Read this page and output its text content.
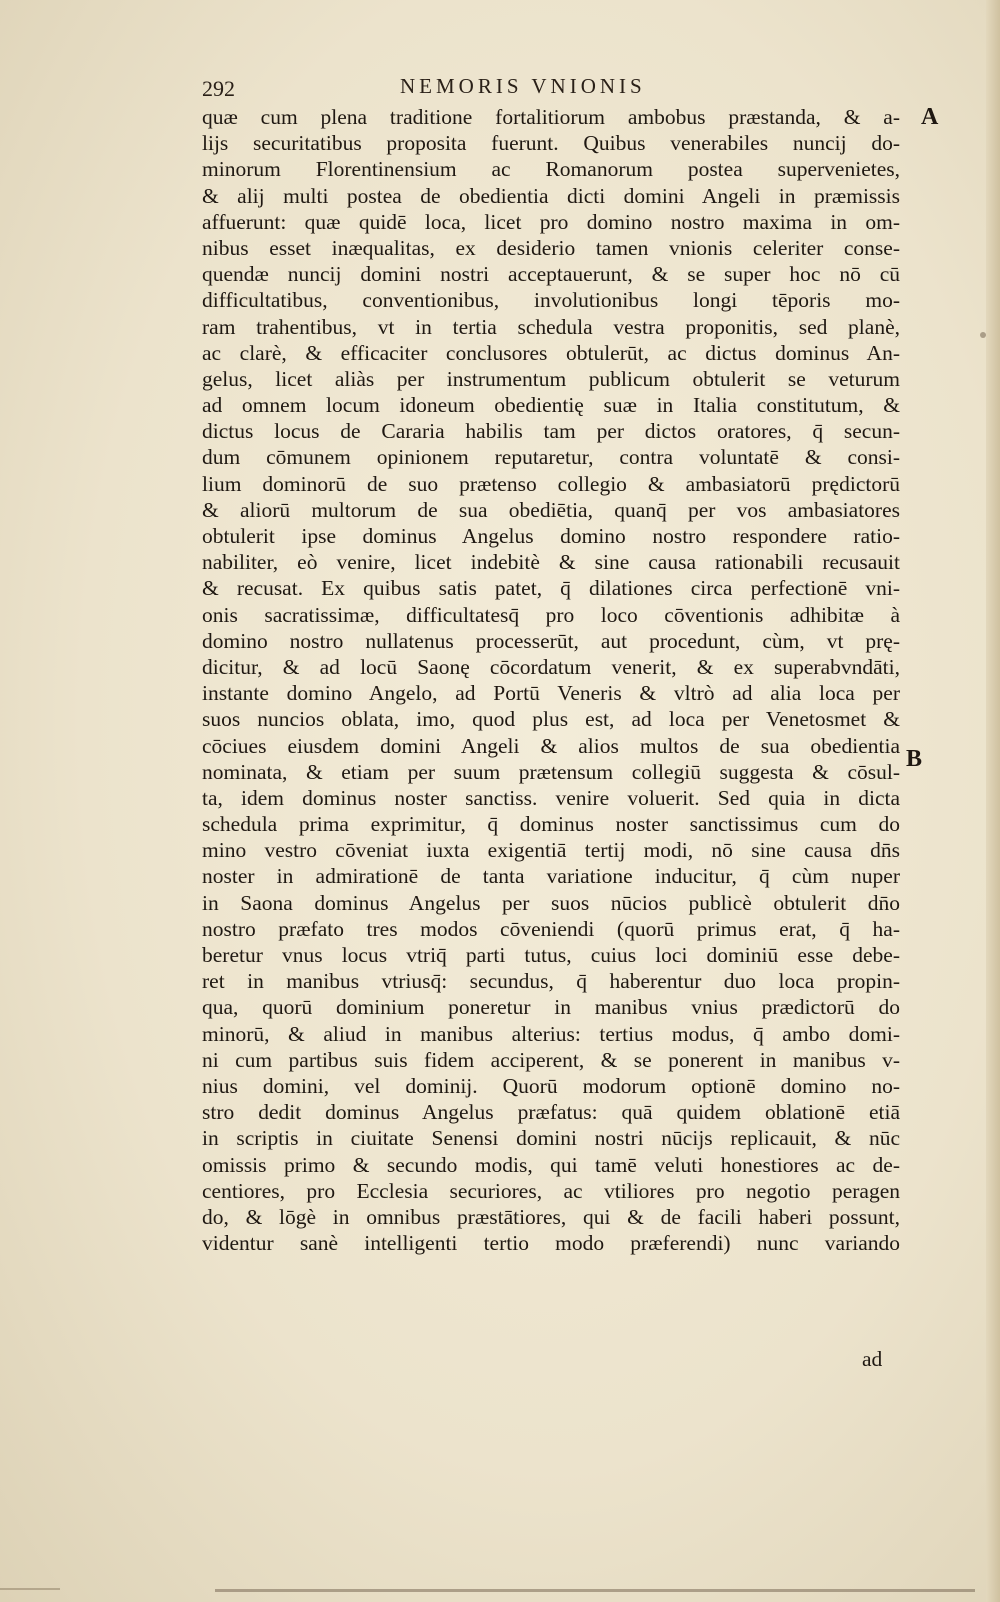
292	NEMORIS VNIONIS
A
B
quæ cum plena traditione fortalitiorum ambobus præstanda, & a-
lijs securitatibus proposita fuerunt. Quibus venerabiles nuncij do-
minorum Florentinensium ac Romanorum postea supervenietes,
& alij multi postea de obedientia dicti domini Angeli in præmissis
affuerunt: quæ quidē loca, licet pro domino nostro maxima in om-
nibus esset inæqualitas, ex desiderio tamen vnionis celeriter conse-
quendæ nuncij domini nostri acceptauerunt, & se super hoc nō cū
difficultatibus, conventionibus, involutionibus longi tēporis mo-
ram trahentibus, vt in tertia schedula vestra proponitis, sed planè,
ac clarè, & efficaciter conclusores obtulerūt, ac dictus dominus An-
gelus, licet aliàs per instrumentum publicum obtulerit se veturum
ad omnem locum idoneum obedientię suæ in Italia constitutum, &
dictus locus de Cararia habilis tam per dictos oratores, q̄ secun-
dum cōmunem opinionem reputaretur, contra voluntatē & consi-
lium dominorū de suo prætenso collegio & ambasiatorū prędictorū
& aliorū multorum de sua obediētia, quanq̄ per vos ambasiatores
obtulerit ipse dominus Angelus domino nostro respondere ratio-
nabiliter, eò venire, licet indebitè & sine causa rationabili recusauit
& recusat. Ex quibus satis patet, q̄ dilationes circa perfectionē vni-
onis sacratissimæ, difficultatesq̄ pro loco cōventionis adhibitæ à
domino nostro nullatenus processerūt, aut procedunt, cùm, vt prę-
dicitur, & ad locū Saonę cōcordatum venerit, & ex superabvndāti,
instante domino Angelo, ad Portū Veneris & vltrò ad alia loca per
suos nuncios oblata, imo, quod plus est, ad loca per Venetosmet &
cōciues eiusdem domini Angeli & alios multos de sua obedientia
nominata, & etiam per suum prætensum collegiū suggesta & cōsul-
ta, idem dominus noster sanctiss. venire voluerit. Sed quia in dicta
schedula prima exprimitur, q̄ dominus noster sanctissimus cum do
mino vestro cōveniat iuxta exigentiā tertij modi, nō sine causa dn̄s
noster in admirationē de tanta variatione inducitur, q̄ cùm nuper
in Saona dominus Angelus per suos nūcios publicè obtulerit dn̄o
nostro præfato tres modos cōveniendi (quorū primus erat, q̄ ha-
beretur vnus locus vtriq̄ parti tutus, cuius loci dominiū esse debe-
ret in manibus vtriusq̄: secundus, q̄ haberentur duo loca propin-
qua, quorū dominium poneretur in manibus vnius prædictorū do
minorū, & aliud in manibus alterius: tertius modus, q̄ ambo domi-
ni cum partibus suis fidem acciperent, & se ponerent in manibus v-
nius domini, vel dominij. Quorū modorum optionē domino no-
stro dedit dominus Angelus præfatus: quā quidem oblationē etiā
in scriptis in ciuitate Senensi domini nostri nūcijs replicauit, & nūc
omissis primo & secundo modis, qui tamē veluti honestiores ac de-
centiores, pro Ecclesia securiores, ac vtiliores pro negotio peragen
do, & lōgè in omnibus præstātiores, qui & de facili haberi possunt,
videntur sanè intelligenti tertio modo præferendi) nunc variando
ad
